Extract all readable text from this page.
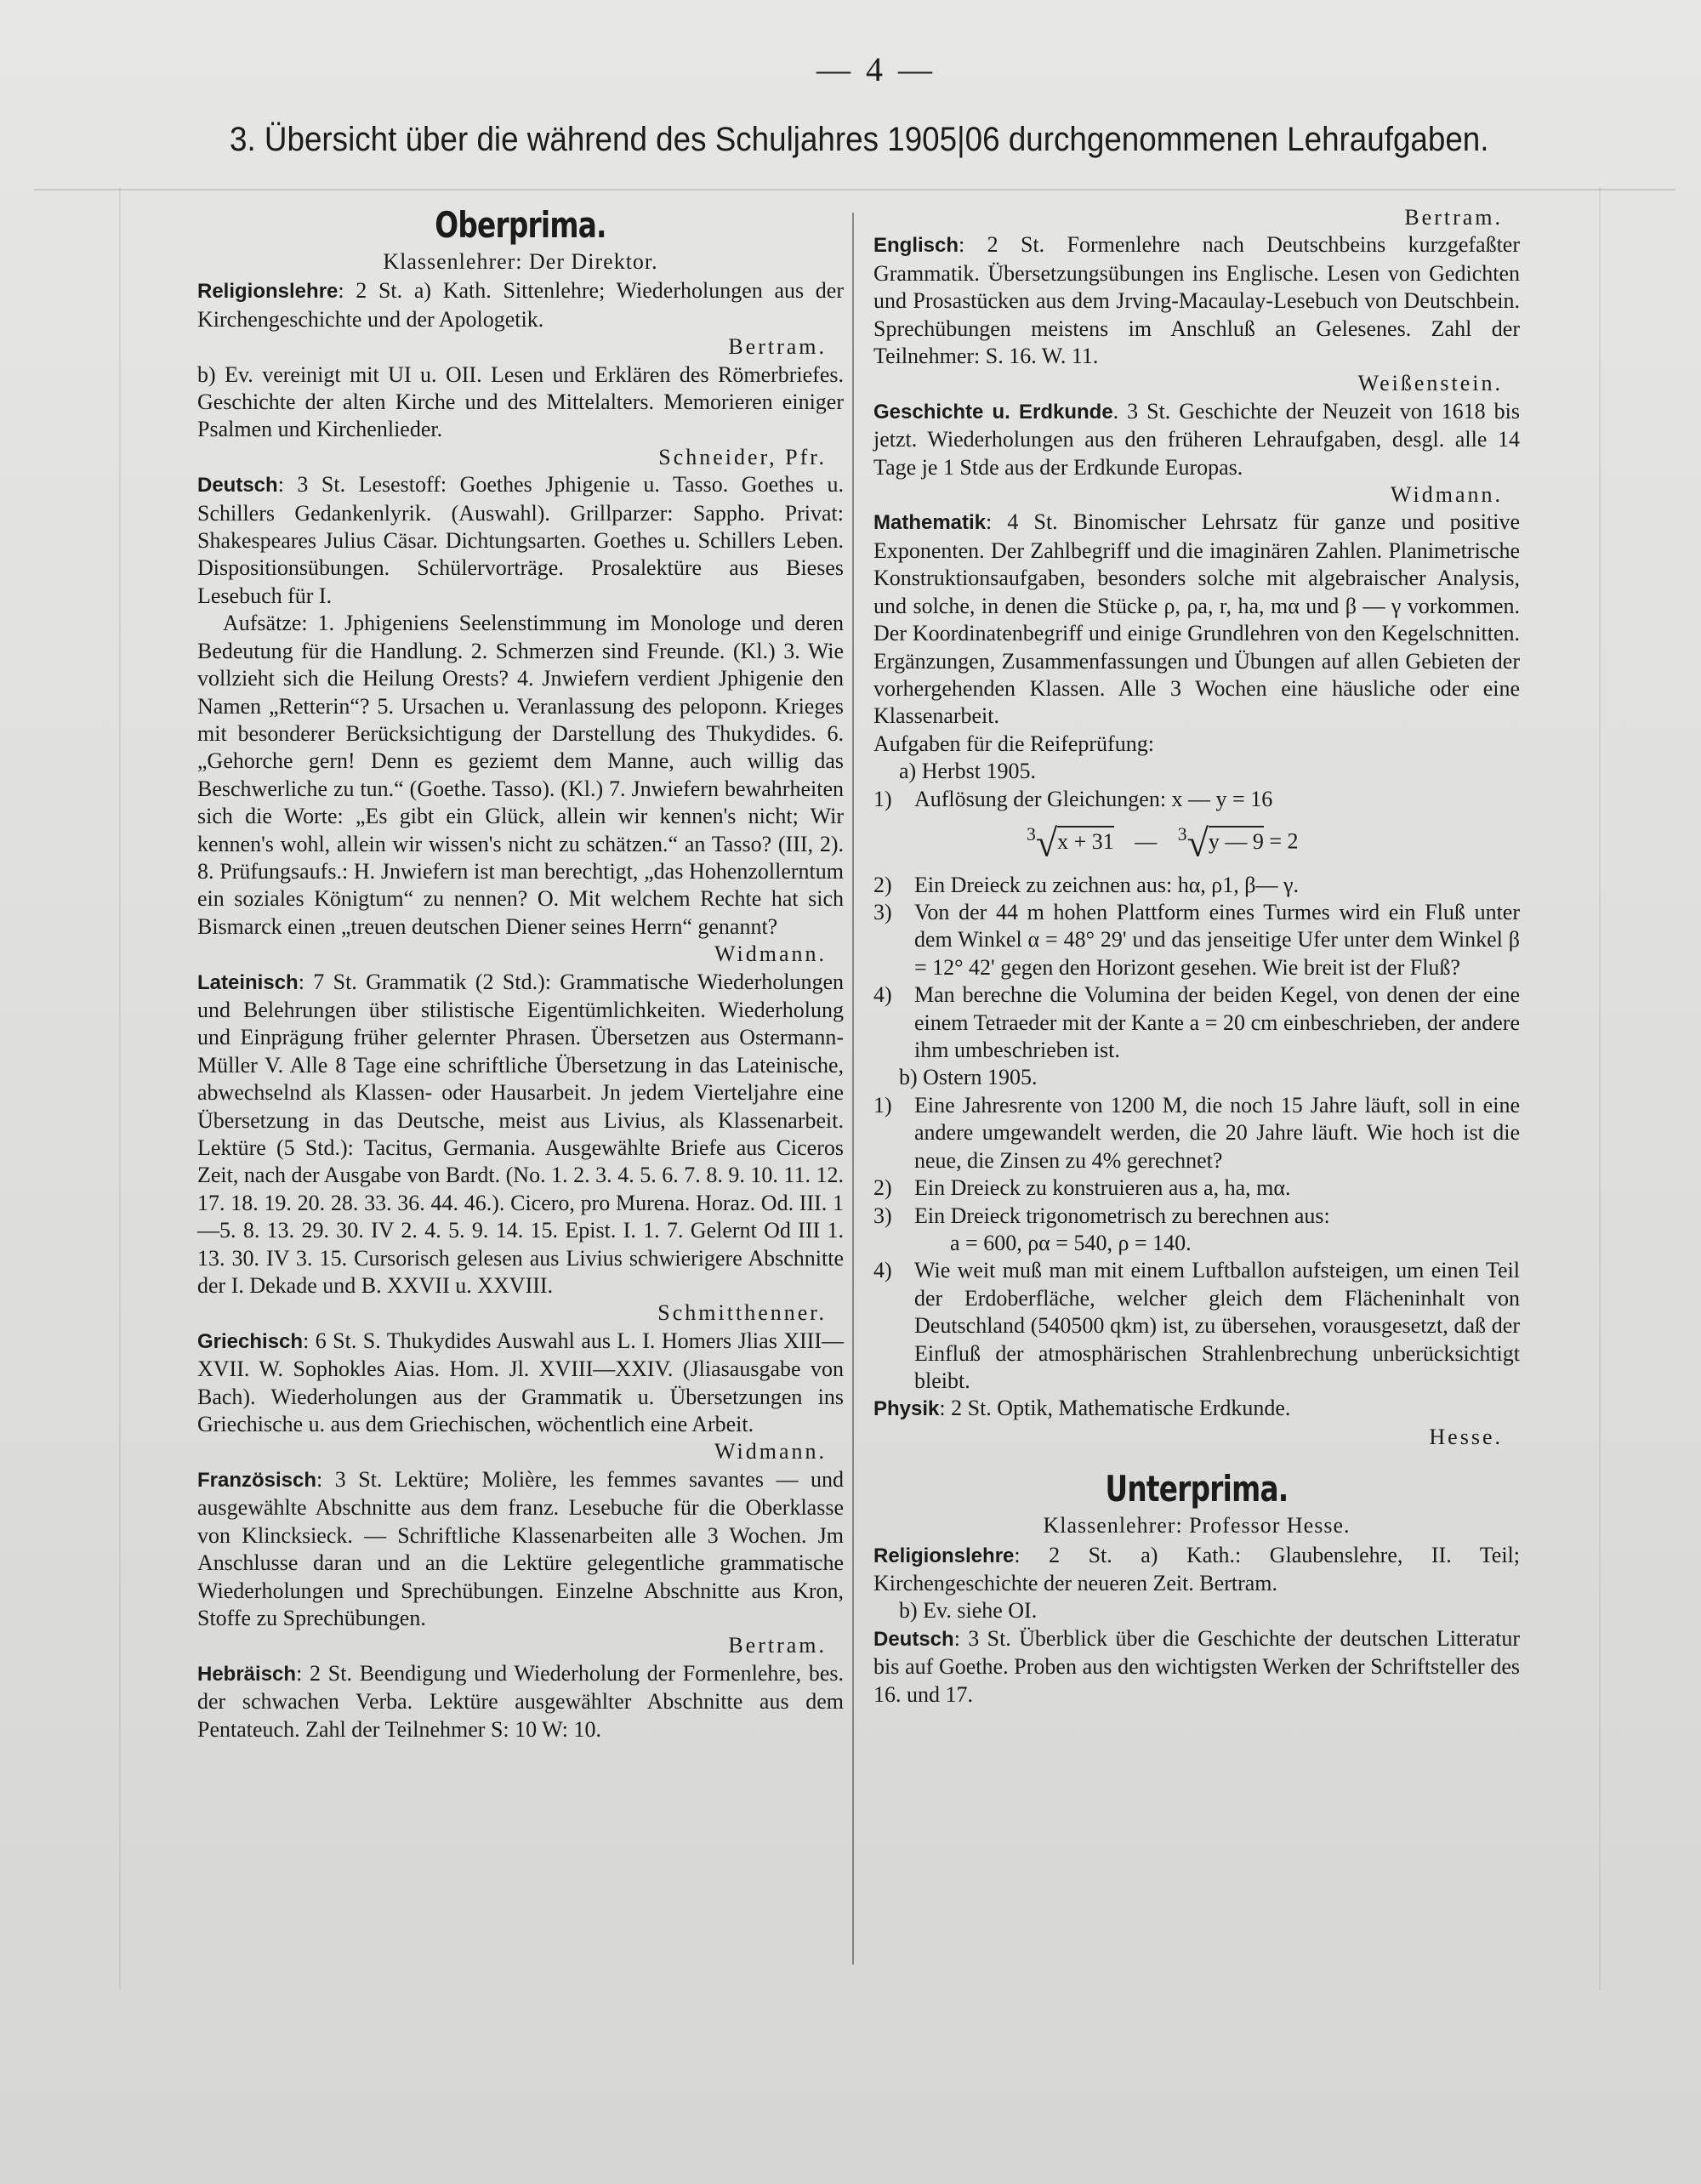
— 4 —
3. Übersicht über die während des Schuljahres 1905|06 durchgenommenen Lehraufgaben.
Oberprima.
Klassenlehrer: Der Direktor.

Religionslehre: 2 St. a) Kath. Sittenlehre; Wiederholungen aus der Kirchengeschichte und der Apologetik.
Bertram.

b) Ev. vereinigt mit UI u. OII. Lesen und Erklären des Römerbriefes. Geschichte der alten Kirche und des Mittelalters. Memorieren einiger Psalmen und Kirchenlieder.
Schneider, Pfr.

Deutsch: 3 St. Lesestoff: Goethes Jphigenie u. Tasso. Goethes u. Schillers Gedankenlyrik. (Auswahl). Grillparzer: Sappho. Privat: Shakespeares Julius Cäsar. Dichtungsarten. Goethes u. Schillers Leben. Dispositionsübungen. Schülervorträge. Prosalektüre aus Bieses Lesebuch für I.

Aufsätze: 1. Jphigeniens Seelenstimmung im Monologe und deren Bedeutung für die Handlung. 2. Schmerzen sind Freunde. (Kl.) 3. Wie vollzieht sich die Heilung Orests? 4. Jnwiefern verdient Jphigenie den Namen „Retterin“? 5. Ursachen u. Veranlassung des peloponn. Krieges mit besonderer Berücksichtigung der Darstellung des Thukydides. 6. „Gehorche gern! Denn es geziemt dem Manne, auch willig das Beschwerliche zu tun.“ (Goethe. Tasso). (Kl.) 7. Jnwiefern bewahrheiten sich die Worte: „Es gibt ein Glück, allein wir kennen's nicht; Wir kennen's wohl, allein wir wissen's nicht zu schätzen.“ an Tasso? (III, 2). 8. Prüfungsaufs.: H. Jnwiefern ist man berechtigt, „das Hohenzollerntum ein soziales Königtum“ zu nennen? O. Mit welchem Rechte hat sich Bismarck einen „treuen deutschen Diener seines Herrn“ genannt?
Widmann.

Lateinisch: 7 St. Grammatik (2 Std.): Grammatische Wiederholungen und Belehrungen über stilistische Eigentümlichkeiten. Wiederholung und Einprägung früher gelernter Phrasen. Übersetzen aus Ostermann-Müller V. Alle 8 Tage eine schriftliche Übersetzung in das Lateinische, abwechselnd als Klassen- oder Hausarbeit. Jn jedem Vierteljahre eine Übersetzung in das Deutsche, meist aus Livius, als Klassenarbeit. Lektüre (5 Std.): Tacitus, Germania. Ausgewählte Briefe aus Ciceros Zeit, nach der Ausgabe von Bardt. (No. 1. 2. 3. 4. 5. 6. 7. 8. 9. 10. 11. 12. 17. 18. 19. 20. 28. 33. 36. 44. 46.). Cicero, pro Murena. Horaz. Od. III. 1—5. 8. 13. 29. 30. IV 2. 4. 5. 9. 14. 15. Epist. I. 1. 7. Gelernt Od III 1. 13. 30. IV 3. 15. Cursorisch gelesen aus Livius schwierigere Abschnitte der I. Dekade und B. XXVII u. XXVIII.
Schmitthenner.

Griechisch: 6 St. S. Thukydides Auswahl aus L. I. Homers Jlias XIII—XVII. W. Sophokles Aias. Hom. Jl. XVIII—XXIV. (Jliasausgabe von Bach). Wiederholungen aus der Grammatik u. Übersetzungen ins Griechische u. aus dem Griechischen, wöchentlich eine Arbeit.
Widmann.

Französisch: 3 St. Lektüre; Molière, les femmes savantes — und ausgewählte Abschnitte aus dem franz. Lesebuche für die Oberklasse von Klincksieck. — Schriftliche Klassenarbeiten alle 3 Wochen. Jm Anschlusse daran und an die Lektüre gelegentliche grammatische Wiederholungen und Sprechübungen. Einzelne Abschnitte aus Kron, Stoffe zu Sprechübungen.
Bertram.

Hebräisch: 2 St. Beendigung und Wiederholung der Formenlehre, bes. der schwachen Verba. Lektüre ausgewählter Abschnitte aus dem Pentateuch. Zahl der Teilnehmer S: 10 W: 10.

Bertram.

Englisch: 2 St. Formenlehre nach Deutschbeins kurzgefaßter Grammatik. Übersetzungsübungen ins Englische. Lesen von Gedichten und Prosastücken aus dem Jrving-Macaulay-Lesebuch von Deutschbein. Sprechübungen meistens im Anschluß an Gelesenes. Zahl der Teilnehmer: S. 16. W. 11.
Weißenstein.

Geschichte u. Erdkunde. 3 St. Geschichte der Neuzeit von 1618 bis jetzt. Wiederholungen aus den früheren Lehraufgaben, desgl. alle 14 Tage je 1 Stde aus der Erdkunde Europas.
Widmann.

Mathematik: 4 St. Binomischer Lehrsatz für ganze und positive Exponenten. Der Zahlbegriff und die imaginären Zahlen. Planimetrische Konstruktionsaufgaben, besonders solche mit algebraischer Analysis, und solche, in denen die Stücke ρ, ρa, r, ha, mα und β — γ vorkommen. Der Koordinatenbegriff und einige Grundlehren von den Kegelschnitten. Ergänzungen, Zusammenfassungen und Übungen auf allen Gebieten der vorhergehenden Klassen. Alle 3 Wochen eine häusliche oder eine Klassenarbeit.

Aufgaben für die Reifeprüfung:
a) Herbst 1905.
1)	Auflösung der Gleichungen: x — y = 16
$^3$√x + 31 — $^3$√y — 9 = 2
2)	Ein Dreieck zu zeichnen aus: hα, ρ1, β— γ.
3)	Von der 44 m hohen Plattform eines Turmes wird ein Fluß unter dem Winkel α = 48° 29' und das jenseitige Ufer unter dem Winkel β = 12° 42' gegen den Horizont gesehen. Wie breit ist der Fluß?
4)	Man berechne die Volumina der beiden Kegel, von denen der eine einem Tetraeder mit der Kante a = 20 cm einbeschrieben, der andere ihm umbeschrieben ist.
b) Ostern 1905.
1)	Eine Jahresrente von 1200 M, die noch 15 Jahre läuft, soll in eine andere umgewandelt werden, die 20 Jahre läuft. Wie hoch ist die neue, die Zinsen zu 4% gerechnet?
2)	Ein Dreieck zu konstruieren aus a, ha, mα.
3)	Ein Dreieck trigonometrisch zu berechnen aus:
a = 600, ρα = 540, ρ = 140.
4)	Wie weit muß man mit einem Luftballon aufsteigen, um einen Teil der Erdoberfläche, welcher gleich dem Flächeninhalt von Deutschland (540500 qkm) ist, zu übersehen, vorausgesetzt, daß der Einfluß der atmosphärischen Strahlenbrechung unberücksichtigt bleibt.

Physik: 2 St. Optik, Mathematische Erdkunde.
Hesse.

Unterprima.
Klassenlehrer: Professor Hesse.

Religionslehre: 2 St. a) Kath.: Glaubenslehre, II. Teil; Kirchengeschichte der neueren Zeit. Bertram.

b) Ev. siehe OI.

Deutsch: 3 St. Überblick über die Geschichte der deutschen Litteratur bis auf Goethe. Proben aus den wichtigsten Werken der Schriftsteller des 16. und 17.
